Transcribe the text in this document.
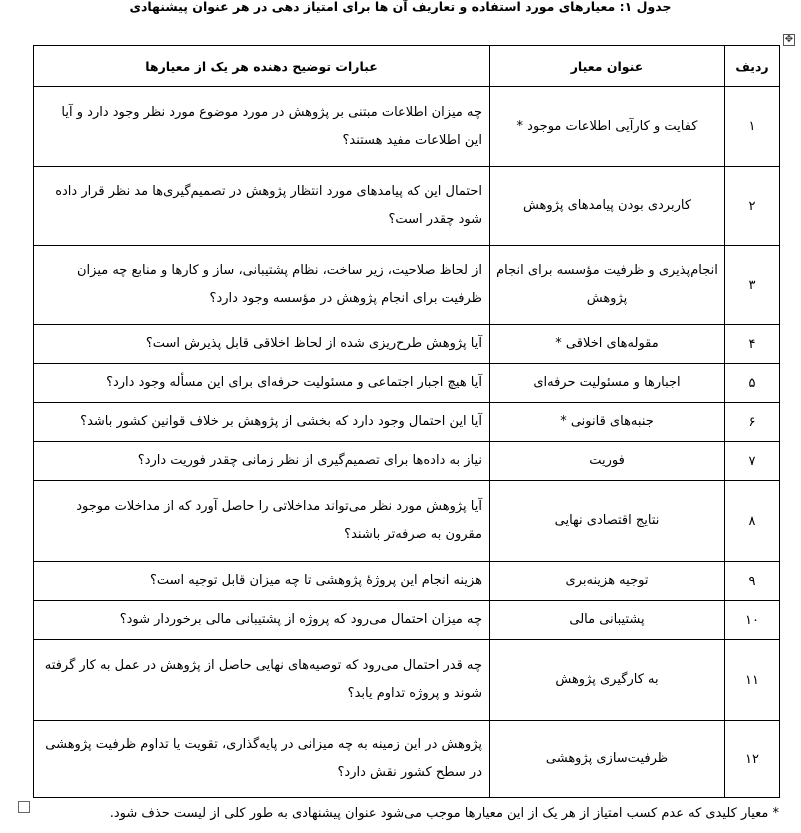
جدول ۱: معیارهای مورد استفاده و تعاریف آن ها برای امتیاز دهی در هر عنوان پیشنهادی
✥
ردیف	عنوان معیار	عبارات توضیح دهنده هر یک از معیارها
۱	کفایت و کارآیی اطلاعات موجود *	چه میزان اطلاعات مبتنی بر پژوهش در مورد موضوع مورد نظر وجود دارد و آیا این اطلاعات مفید هستند؟
۲	کاربردی بودن پیامدهای پژوهش	احتمال این که پیامدهای مورد انتظار پژوهش در تصمیم‌گیری‌ها مد نظر قرار داده شود چقدر است؟
۳	انجام‌پذیری و ظرفیت مؤسسه برای انجام پژوهش	از لحاظ صلاحیت، زیر ساخت، نظام پشتیبانی، ساز و کارها و منابع چه میزان ظرفیت برای انجام پژوهش در مؤسسه وجود دارد؟
۴	مقوله‌های اخلاقی *	آیا پژوهش طرح‌ریزی شده از لحاظ اخلاقی قابل پذیرش است؟
۵	اجبارها و مسئولیت حرفه‌ای	آیا هیچ اجبار اجتماعی و مسئولیت حرفه‌ای برای این مسأله وجود دارد؟
۶	جنبه‌های قانونی *	آیا این احتمال وجود دارد که بخشی از پژوهش بر خلاف قوانین کشور باشد؟
۷	فوریت	نیاز به داده‌ها برای تصمیم‌گیری از نظر زمانی چقدر فوریت دارد؟
۸	نتایج اقتصادی نهایی	آیا پژوهش مورد نظر می‌تواند مداخلاتی را حاصل آورد که از مداخلات موجود مقرون به صرفه‌تر باشند؟
۹	توجیه هزینه‌بری	هزینه انجام این پروژهٔ پژوهشی تا چه میزان قابل توجیه است؟
۱۰	پشتیبانی مالی	چه میزان احتمال می‌رود که پروژه از پشتیبانی مالی برخوردار شود؟
۱۱	به کارگیری پژوهش	چه قدر احتمال می‌رود که توصیه‌های نهایی حاصل از پژوهش در عمل به کار گرفته شوند و پروژه تداوم یابد؟
۱۲	ظرفیت‌سازی پژوهشی	پژوهش در این زمینه به چه میزانی در پایه‌گذاری، تقویت یا تداوم ظرفیت پژوهشی در سطح کشور نقش دارد؟
* معیار کلیدی که عدم کسب امتیاز از هر یک از این معیارها موجب می‌شود عنوان پیشنهادی به طور کلی از لیست حذف شود.
